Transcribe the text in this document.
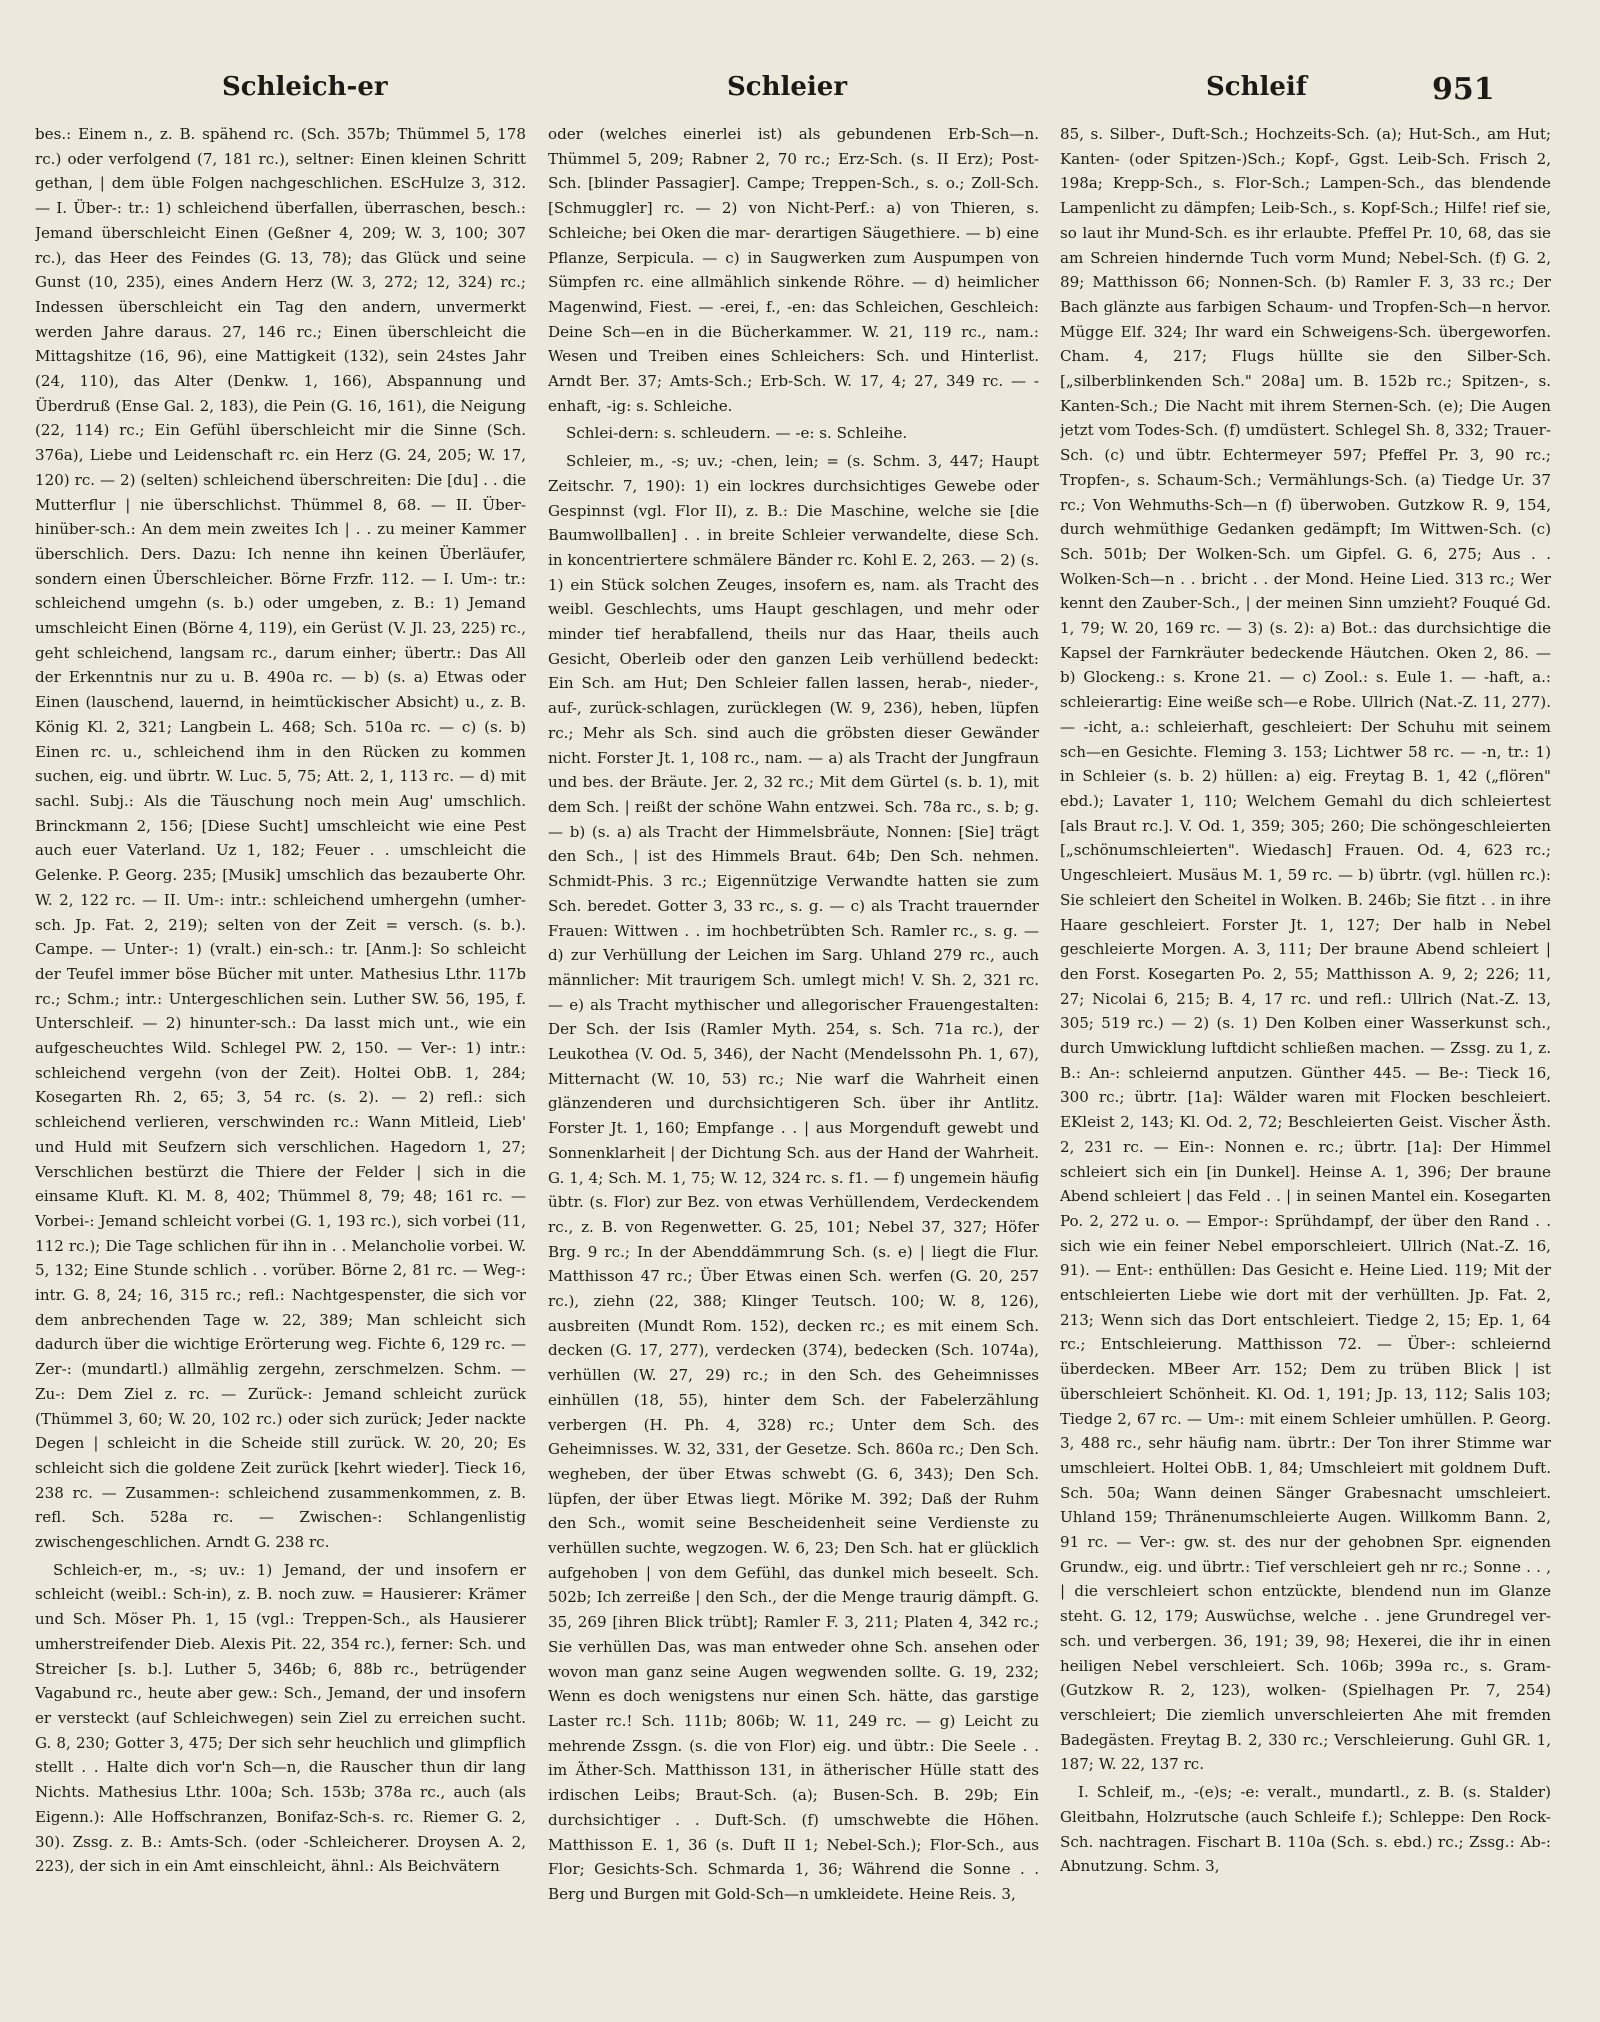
Schleich-er	Schleier	Schleif	951

bes.: Einem n., z. B. spähend rc. (Sch. 357b; Thümmel 5, 178 rc.) oder verfolgend (7, 181 rc.), seltner: Einen kleinen Schritt gethan, | dem üble Folgen nachgeschlichen. EScHulze 3, 312. — I. Über-: tr.: 1) schleichend überfallen, überraschen, besch.: Jemand überschleicht Einen (Geßner 4, 209; W. 3, 100; 307 rc.), das Heer des Feindes (G. 13, 78); das Glück und seine Gunst (10, 235), eines Andern Herz (W. 3, 272; 12, 324) rc.; Indessen überschleicht ein Tag den andern, unvermerkt werden Jahre daraus. 27, 146 rc.; Einen überschleicht die Mittagshitze (16, 96), eine Mattigkeit (132), sein 24stes Jahr (24, 110), das Alter (Denkw. 1, 166), Abspannung und Überdruß (Ense Gal. 2, 183), die Pein (G. 16, 161), die Neigung (22, 114) rc.; Ein Gefühl überschleicht mir die Sinne (Sch. 376a), Liebe und Leidenschaft rc. ein Herz (G. 24, 205; W. 17, 120) rc. — 2) (selten) schleichend überschreiten: Die [du] . . die Mutterflur | nie überschlichst. Thümmel 8, 68. — II. Über- hinüber-sch.: An dem mein zweites Ich | . . zu meiner Kammer überschlich. Ders. Dazu: Ich nenne ihn keinen Überläufer, sondern einen Überschleicher. Börne Frzfr. 112. — I. Um-: tr.: schleichend umgehn (s. b.) oder umgeben, z. B.: 1) Jemand umschleicht Einen (Börne 4, 119), ein Gerüst (V. Jl. 23, 225) rc., geht schleichend, langsam rc., darum einher; übertr.: Das All der Erkenntnis nur zu u. B. 490a rc. — b) (s. a) Etwas oder Einen (lauschend, lauernd, in heimtückischer Absicht) u., z. B. König Kl. 2, 321; Langbein L. 468; Sch. 510a rc. — c) (s. b) Einen rc. u., schleichend ihm in den Rücken zu kommen suchen, eig. und übrtr. W. Luc. 5, 75; Att. 2, 1, 113 rc. — d) mit sachl. Subj.: Als die Täuschung noch mein Aug' umschlich. Brinckmann 2, 156; [Diese Sucht] umschleicht wie eine Pest auch euer Vaterland. Uz 1, 182; Feuer . . umschleicht die Gelenke. P. Georg. 235; [Musik] umschlich das bezauberte Ohr. W. 2, 122 rc. — II. Um-: intr.: schleichend umhergehn (umher-sch. Jp. Fat. 2, 219); selten von der Zeit = versch. (s. b.). Campe. — Unter-: 1) (vralt.) ein-sch.: tr. [Anm.]: So schleicht der Teufel immer böse Bücher mit unter. Mathesius Lthr. 117b rc.; Schm.; intr.: Untergeschlichen sein. Luther SW. 56, 195, f. Unterschleif. — 2) hinunter-sch.: Da lasst mich unt., wie ein aufgescheuchtes Wild. Schlegel PW. 2, 150. — Ver-: 1) intr.: schleichend vergehn (von der Zeit). Holtei ObB. 1, 284; Kosegarten Rh. 2, 65; 3, 54 rc. (s. 2). — 2) refl.: sich schleichend verlieren, verschwinden rc.: Wann Mitleid, Lieb' und Huld mit Seufzern sich verschlichen. Hagedorn 1, 27; Verschlichen bestürzt die Thiere der Felder | sich in die einsame Kluft. Kl. M. 8, 402; Thümmel 8, 79; 48; 161 rc. — Vorbei-: Jemand schleicht vorbei (G. 1, 193 rc.), sich vorbei (11, 112 rc.); Die Tage schlichen für ihn in . . Melancholie vorbei. W. 5, 132; Eine Stunde schlich . . vorüber. Börne 2, 81 rc. — Weg-: intr. G. 8, 24; 16, 315 rc.; refl.: Nachtgespenster, die sich vor dem anbrechenden Tage w. 22, 389; Man schleicht sich dadurch über die wichtige Erörterung weg. Fichte 6, 129 rc. — Zer-: (mundartl.) allmählig zergehn, zerschmelzen. Schm. — Zu-: Dem Ziel z. rc. — Zurück-: Jemand schleicht zurück (Thümmel 3, 60; W. 20, 102 rc.) oder sich zurück; Jeder nackte Degen | schleicht in die Scheide still zurück. W. 20, 20; Es schleicht sich die goldene Zeit zurück [kehrt wieder]. Tieck 16, 238 rc. — Zusammen-: schleichend zusammenkommen, z. B. refl. Sch. 528a rc. — Zwischen-: Schlangenlistig zwischengeschlichen. Arndt G. 238 rc.

Schleich-er, m., -s; uv.: 1) Jemand, der und insofern er schleicht (weibl.: Sch-in), z. B. noch zuw. = Hausierer: Krämer und Sch. Möser Ph. 1, 15 (vgl.: Treppen-Sch., als Hausierer umherstreifender Dieb. Alexis Pit. 22, 354 rc.), ferner: Sch. und Streicher [s. b.]. Luther 5, 346b; 6, 88b rc., betrügender Vagabund rc., heute aber gew.: Sch., Jemand, der und insofern er versteckt (auf Schleichwegen) sein Ziel zu erreichen sucht. G. 8, 230; Gotter 3, 475; Der sich sehr heuchlich und glimpflich stellt . . Halte dich vor'n Sch—n, die Rauscher thun dir lang Nichts. Mathesius Lthr. 100a; Sch. 153b; 378a rc., auch (als Eigenn.): Alle Hoffschranzen, Bonifaz-Sch-s. rc. Riemer G. 2, 30). Zssg. z. B.: Amts-Sch. (oder -Schleicherer. Droysen A. 2, 223), der sich in ein Amt einschleicht, ähnl.: Als Beichvätern

oder (welches einerlei ist) als gebundenen Erb-Sch—n. Thümmel 5, 209; Rabner 2, 70 rc.; Erz-Sch. (s. II Erz); Post-Sch. [blinder Passagier]. Campe; Treppen-Sch., s. o.; Zoll-Sch. [Schmuggler] rc. — 2) von Nicht-Perf.: a) von Thieren, s. Schleiche; bei Oken die mar- derartigen Säugethiere. — b) eine Pflanze, Serpicula. — c) in Saugwerken zum Auspumpen von Sümpfen rc. eine allmählich sinkende Röhre. — d) heimlicher Magenwind, Fiest. — -erei, f., -en: das Schleichen, Geschleich: Deine Sch—en in die Bücherkammer. W. 21, 119 rc., nam.: Wesen und Treiben eines Schleichers: Sch. und Hinterlist. Arndt Ber. 37; Amts-Sch.; Erb-Sch. W. 17, 4; 27, 349 rc. — -enhaft, -ig: s. Schleiche.

Schlei-dern: s. schleudern. — -e: s. Schleihe.

Schleier, m., -s; uv.; -chen, lein; = (s. Schm. 3, 447; Haupt Zeitschr. 7, 190): 1) ein lockres durchsichtiges Gewebe oder Gespinnst (vgl. Flor II), z. B.: Die Maschine, welche sie [die Baumwollballen] . . in breite Schleier verwandelte, diese Sch. in koncentriertere schmälere Bänder rc. Kohl E. 2, 263. — 2) (s. 1) ein Stück solchen Zeuges, insofern es, nam. als Tracht des weibl. Geschlechts, ums Haupt geschlagen, und mehr oder minder tief herabfallend, theils nur das Haar, theils auch Gesicht, Oberleib oder den ganzen Leib verhüllend bedeckt: Ein Sch. am Hut; Den Schleier fallen lassen, herab-, nieder-, auf-, zurück-schlagen, zurücklegen (W. 9, 236), heben, lüpfen rc.; Mehr als Sch. sind auch die gröbsten dieser Gewänder nicht. Forster Jt. 1, 108 rc., nam. — a) als Tracht der Jungfraun und bes. der Bräute. Jer. 2, 32 rc.; Mit dem Gürtel (s. b. 1), mit dem Sch. | reißt der schöne Wahn entzwei. Sch. 78a rc., s. b; g. — b) (s. a) als Tracht der Himmelsbräute, Nonnen: [Sie] trägt den Sch., | ist des Himmels Braut. 64b; Den Sch. nehmen. Schmidt-Phis. 3 rc.; Eigennützige Verwandte hatten sie zum Sch. beredet. Gotter 3, 33 rc., s. g. — c) als Tracht trauernder Frauen: Wittwen . . im hochbetrübten Sch. Ramler rc., s. g. — d) zur Verhüllung der Leichen im Sarg. Uhland 279 rc., auch männlicher: Mit traurigem Sch. umlegt mich! V. Sh. 2, 321 rc. — e) als Tracht mythischer und allegorischer Frauengestalten: Der Sch. der Isis (Ramler Myth. 254, s. Sch. 71a rc.), der Leukothea (V. Od. 5, 346), der Nacht (Mendelssohn Ph. 1, 67), Mitternacht (W. 10, 53) rc.; Nie warf die Wahrheit einen glänzenderen und durchsichtigeren Sch. über ihr Antlitz. Forster Jt. 1, 160; Empfange . . | aus Morgenduft gewebt und Sonnenklarheit | der Dichtung Sch. aus der Hand der Wahrheit. G. 1, 4; Sch. M. 1, 75; W. 12, 324 rc. s. f1. — f) ungemein häufig übtr. (s. Flor) zur Bez. von etwas Verhüllendem, Verdeckendem rc., z. B. von Regenwetter. G. 25, 101; Nebel 37, 327; Höfer Brg. 9 rc.; In der Abenddämmrung Sch. (s. e) | liegt die Flur. Matthisson 47 rc.; Über Etwas einen Sch. werfen (G. 20, 257 rc.), ziehn (22, 388; Klinger Teutsch. 100; W. 8, 126), ausbreiten (Mundt Rom. 152), decken rc.; es mit einem Sch. decken (G. 17, 277), verdecken (374), bedecken (Sch. 1074a), verhüllen (W. 27, 29) rc.; in den Sch. des Geheimnisses einhüllen (18, 55), hinter dem Sch. der Fabelerzählung verbergen (H. Ph. 4, 328) rc.; Unter dem Sch. des Geheimnisses. W. 32, 331, der Gesetze. Sch. 860a rc.; Den Sch. wegheben, der über Etwas schwebt (G. 6, 343); Den Sch. lüpfen, der über Etwas liegt. Mörike M. 392; Daß der Ruhm den Sch., womit seine Bescheidenheit seine Verdienste zu verhüllen suchte, wegzogen. W. 6, 23; Den Sch. hat er glücklich aufgehoben | von dem Gefühl, das dunkel mich beseelt. Sch. 502b; Ich zerreiße | den Sch., der die Menge traurig dämpft. G. 35, 269 [ihren Blick trübt]; Ramler F. 3, 211; Platen 4, 342 rc.; Sie verhüllen Das, was man entweder ohne Sch. ansehen oder wovon man ganz seine Augen wegwenden sollte. G. 19, 232; Wenn es doch wenigstens nur einen Sch. hätte, das garstige Laster rc.! Sch. 111b; 806b; W. 11, 249 rc. — g) Leicht zu mehrende Zssgn. (s. die von Flor) eig. und übtr.: Die Seele . . im Äther-Sch. Matthisson 131, in ätherischer Hülle statt des irdischen Leibs; Braut-Sch. (a); Busen-Sch. B. 29b; Ein durchsichtiger . . Duft-Sch. (f) umschwebte die Höhen. Matthisson E. 1, 36 (s. Duft II 1; Nebel-Sch.); Flor-Sch., aus Flor; Gesichts-Sch. Schmarda 1, 36; Während die Sonne . . Berg und Burgen mit Gold-Sch—n umkleidete. Heine Reis. 3,

85, s. Silber-, Duft-Sch.; Hochzeits-Sch. (a); Hut-Sch., am Hut; Kanten- (oder Spitzen-)Sch.; Kopf-, Ggst. Leib-Sch. Frisch 2, 198a; Krepp-Sch., s. Flor-Sch.; Lampen-Sch., das blendende Lampenlicht zu dämpfen; Leib-Sch., s. Kopf-Sch.; Hilfe! rief sie, so laut ihr Mund-Sch. es ihr erlaubte. Pfeffel Pr. 10, 68, das sie am Schreien hindernde Tuch vorm Mund; Nebel-Sch. (f) G. 2, 89; Matthisson 66; Nonnen-Sch. (b) Ramler F. 3, 33 rc.; Der Bach glänzte aus farbigen Schaum- und Tropfen-Sch—n hervor. Mügge Elf. 324; Ihr ward ein Schweigens-Sch. übergeworfen. Cham. 4, 217; Flugs hüllte sie den Silber-Sch. [„silberblinkenden Sch." 208a] um. B. 152b rc.; Spitzen-, s. Kanten-Sch.; Die Nacht mit ihrem Sternen-Sch. (e); Die Augen jetzt vom Todes-Sch. (f) umdüstert. Schlegel Sh. 8, 332; Trauer-Sch. (c) und übtr. Echtermeyer 597; Pfeffel Pr. 3, 90 rc.; Tropfen-, s. Schaum-Sch.; Vermählungs-Sch. (a) Tiedge Ur. 37 rc.; Von Wehmuths-Sch—n (f) überwoben. Gutzkow R. 9, 154, durch wehmüthige Gedanken gedämpft; Im Wittwen-Sch. (c) Sch. 501b; Der Wolken-Sch. um Gipfel. G. 6, 275; Aus . . Wolken-Sch—n . . bricht . . der Mond. Heine Lied. 313 rc.; Wer kennt den Zauber-Sch., | der meinen Sinn umzieht? Fouqué Gd. 1, 79; W. 20, 169 rc. — 3) (s. 2): a) Bot.: das durchsichtige die Kapsel der Farnkräuter bedeckende Häutchen. Oken 2, 86. — b) Glockeng.: s. Krone 21. — c) Zool.: s. Eule 1. — -haft, a.: schleierartig: Eine weiße sch—e Robe. Ullrich (Nat.-Z. 11, 277). — -icht, a.: schleierhaft, geschleiert: Der Schuhu mit seinem sch—en Gesichte. Fleming 3. 153; Lichtwer 58 rc. — -n, tr.: 1) in Schleier (s. b. 2) hüllen: a) eig. Freytag B. 1, 42 („flören" ebd.); Lavater 1, 110; Welchem Gemahl du dich schleiertest [als Braut rc.]. V. Od. 1, 359; 305; 260; Die schöngeschleierten [„schönumschleierten". Wiedasch] Frauen. Od. 4, 623 rc.; Ungeschleiert. Musäus M. 1, 59 rc. — b) übrtr. (vgl. hüllen rc.): Sie schleiert den Scheitel in Wolken. B. 246b; Sie fitzt . . in ihre Haare geschleiert. Forster Jt. 1, 127; Der halb in Nebel geschleierte Morgen. A. 3, 111; Der braune Abend schleiert | den Forst. Kosegarten Po. 2, 55; Matthisson A. 9, 2; 226; 11, 27; Nicolai 6, 215; B. 4, 17 rc. und refl.: Ullrich (Nat.-Z. 13, 305; 519 rc.) — 2) (s. 1) Den Kolben einer Wasserkunst sch., durch Umwicklung luftdicht schließen machen. — Zssg. zu 1, z. B.: An-: schleiernd anputzen. Günther 445. — Be-: Tieck 16, 300 rc.; übrtr. [1a]: Wälder waren mit Flocken beschleiert. EKleist 2, 143; Kl. Od. 2, 72; Beschleierten Geist. Vischer Ästh. 2, 231 rc. — Ein-: Nonnen e. rc.; übrtr. [1a]: Der Himmel schleiert sich ein [in Dunkel]. Heinse A. 1, 396; Der braune Abend schleiert | das Feld . . | in seinen Mantel ein. Kosegarten Po. 2, 272 u. o. — Empor-: Sprühdampf, der über den Rand . . sich wie ein feiner Nebel emporschleiert. Ullrich (Nat.-Z. 16, 91). — Ent-: enthüllen: Das Gesicht e. Heine Lied. 119; Mit der entschleierten Liebe wie dort mit der verhüllten. Jp. Fat. 2, 213; Wenn sich das Dort entschleiert. Tiedge 2, 15; Ep. 1, 64 rc.; Entschleierung. Matthisson 72. — Über-: schleiernd überdecken. MBeer Arr. 152; Dem zu trüben Blick | ist überschleiert Schönheit. Kl. Od. 1, 191; Jp. 13, 112; Salis 103; Tiedge 2, 67 rc. — Um-: mit einem Schleier umhüllen. P. Georg. 3, 488 rc., sehr häufig nam. übrtr.: Der Ton ihrer Stimme war umschleiert. Holtei ObB. 1, 84; Umschleiert mit goldnem Duft. Sch. 50a; Wann deinen Sänger Grabesnacht umschleiert. Uhland 159; Thränenumschleierte Augen. Willkomm Bann. 2, 91 rc. — Ver-: gw. st. des nur der gehobnen Spr. eignenden Grundw., eig. und übrtr.: Tief verschleiert geh nr rc.; Sonne . . , | die verschleiert schon entzückte, blendend nun im Glanze steht. G. 12, 179; Auswüchse, welche . . jene Grundregel ver-sch. und verbergen. 36, 191; 39, 98; Hexerei, die ihr in einen heiligen Nebel verschleiert. Sch. 106b; 399a rc., s. Gram- (Gutzkow R. 2, 123), wolken- (Spielhagen Pr. 7, 254) verschleiert; Die ziemlich unverschleierten Ahe mit fremden Badegästen. Freytag B. 2, 330 rc.; Verschleierung. Guhl GR. 1, 187; W. 22, 137 rc.

I. Schleif, m., -(e)s; -e: veralt., mundartl., z. B. (s. Stalder) Gleitbahn, Holzrutsche (auch Schleife f.); Schleppe: Den Rock-Sch. nachtragen. Fischart B. 110a (Sch. s. ebd.) rc.; Zssg.: Ab-: Abnutzung. Schm. 3,
